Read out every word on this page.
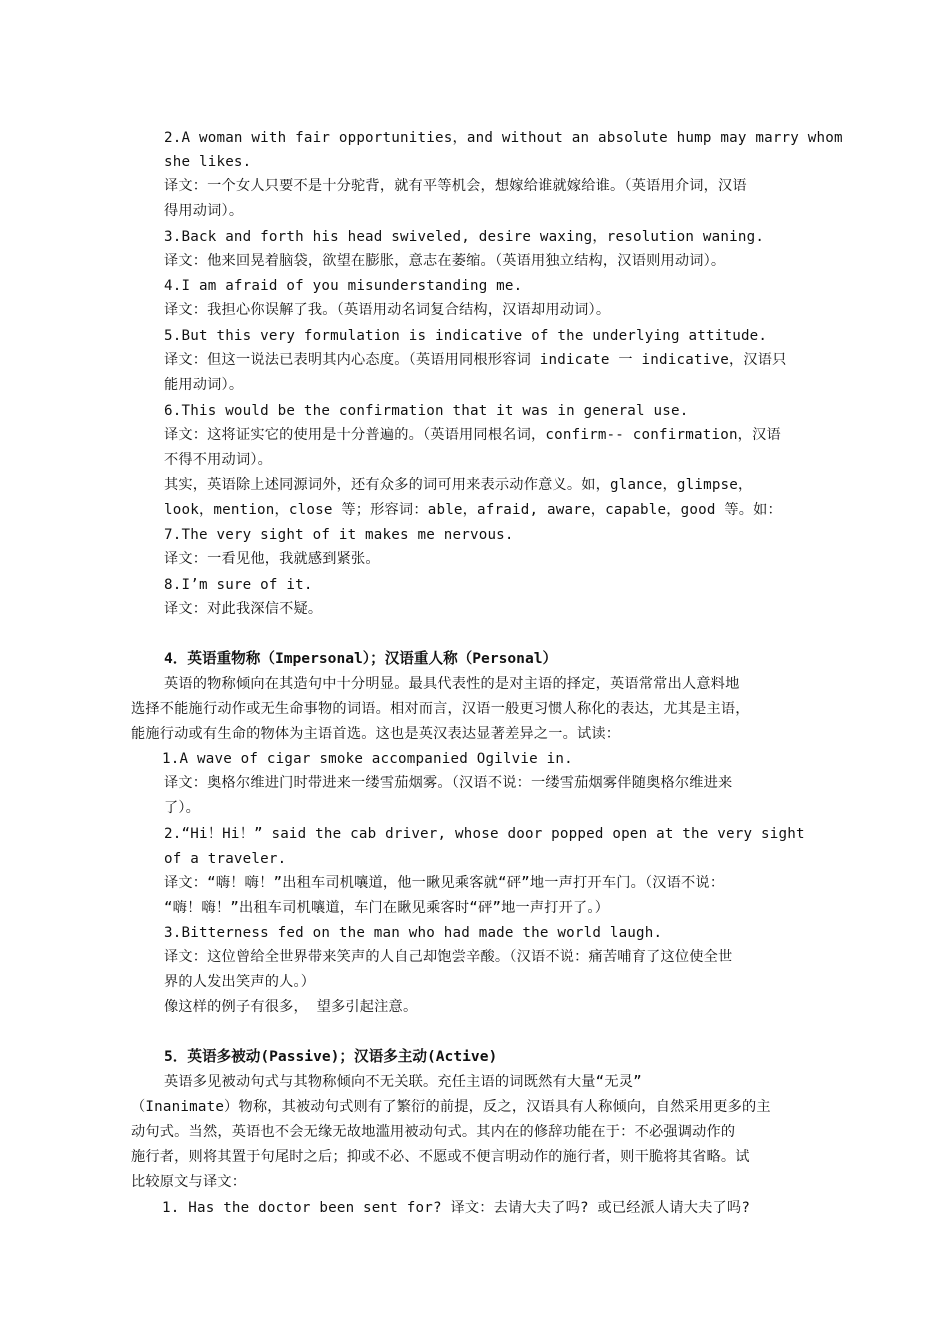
2.A woman with fair opportunities，and without an absolute hump may marry whom
she likes.
译文：一个女人只要不是十分驼背，就有平等机会，想嫁给谁就嫁给谁。（英语用介词，汉语
得用动词）。
3.Back and forth his head swiveled, desire waxing，resolution waning.
译文：他来回晃着脑袋，欲望在膨胀，意志在萎缩。（英语用独立结构，汉语则用动词）。
4.I am afraid of you misunderstanding me.
译文：我担心你误解了我。（英语用动名词复合结构，汉语却用动词）。
5.But this very formulation is indicative of the underlying attitude.
译文：但这一说法已表明其内心态度。（英语用同根形容词 indicate 一 indicative，汉语只
能用动词）。
6.This would be the confirmation that it was in general use.
译文：这将证实它的使用是十分普遍的。（英语用同根名词，confirm-- confirmation，汉语
不得不用动词）。
其实，英语除上述同源词外，还有众多的词可用来表示动作意义。如，glance，glimpse，
look，mention，close 等；形容词：able，afraid, aware，capable，good 等。如：
7.The very sight of it makes me nervous.
译文：一看见他，我就感到紧张。
8.I’m sure of it.
译文：对此我深信不疑。
4．英语重物称（Impersonal）；汉语重人称（Personal）
英语的物称倾向在其造句中十分明显。最具代表性的是对主语的择定，英语常常出人意料地
选择不能施行动作或无生命事物的词语。相对而言，汉语一般更习惯人称化的表达，尤其是主语，
能施行动或有生命的物体为主语首选。这也是英汉表达显著差异之一。试读：
1.A wave of cigar smoke accompanied Ogilvie in.
译文：奥格尔维进门时带进来一缕雪茄烟雾。（汉语不说：一缕雪茄烟雾伴随奥格尔维进来
了）。
2.“Hi！Hi！” said the cab driver, whose door popped open at the very sight
of a traveler.
译文：“嗨！嗨！”出租车司机嚷道，他一瞅见乘客就“砰”地一声打开车门。（汉语不说：
“嗨！嗨！”出租车司机嚷道，车门在瞅见乘客时“砰”地一声打开了。）
3.Bitterness fed on the man who had made the world laugh.
译文：这位曾给全世界带来笑声的人自己却饱尝辛酸。（汉语不说：痛苦哺育了这位使全世
界的人发出笑声的人。）
像这样的例子有很多， 望多引起注意。
5．英语多被动(Passive)；汉语多主动(Active)
英语多见被动句式与其物称倾向不无关联。充任主语的词既然有大量“无灵”
（Inanimate）物称，其被动句式则有了繁衍的前提，反之，汉语具有人称倾向，自然采用更多的主
动句式。当然，英语也不会无缘无故地滥用被动句式。其内在的修辞功能在于：不必强调动作的
施行者，则将其置于句尾时之后；抑或不必、不愿或不便言明动作的施行者，则干脆将其省略。试
比较原文与译文：
1. Has the doctor been sent for? 译文：去请大夫了吗? 或已经派人请大夫了吗?
